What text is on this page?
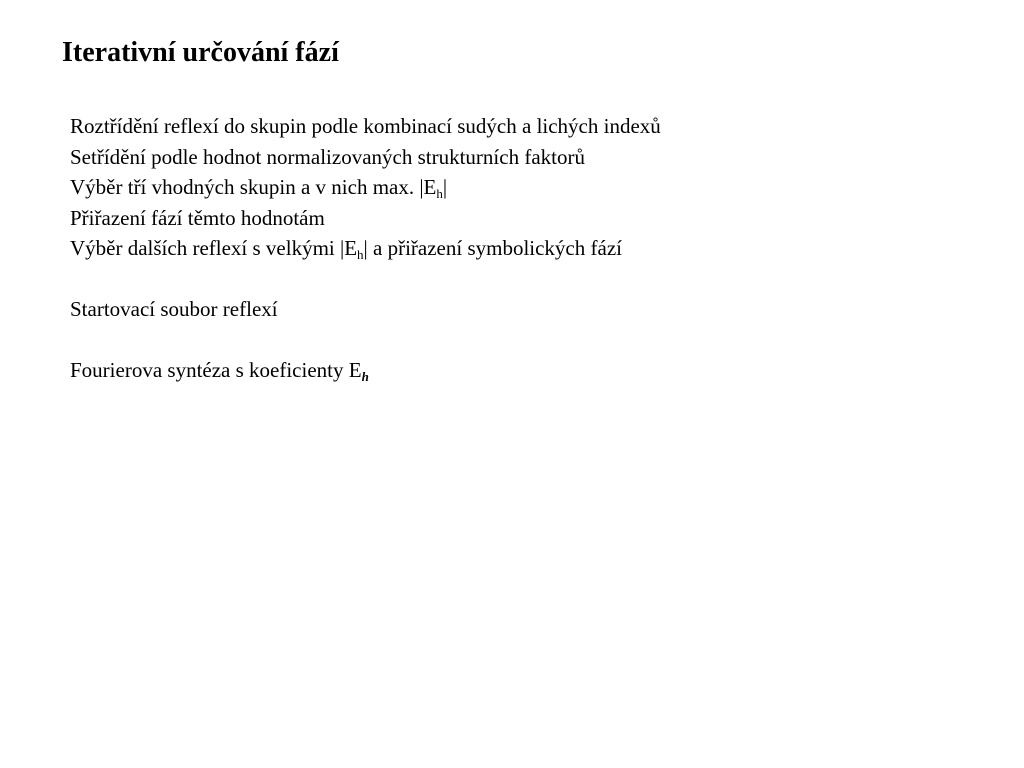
Iterativní určování fází
Roztřídění reflexí do skupin podle kombinací sudých a lichých indexů
Setřídění podle hodnot normalizovaných strukturních faktorů
Výběr tří vhodných skupin a v nich max. $|E_h|$
Přiřazení fází těmto hodnotám
Výběr dalších reflexí s velkými $|E_h|$ a přiřazení symbolických fází
Startovací soubor reflexí
Fourierova syntéza s koeficienty $E_h$
